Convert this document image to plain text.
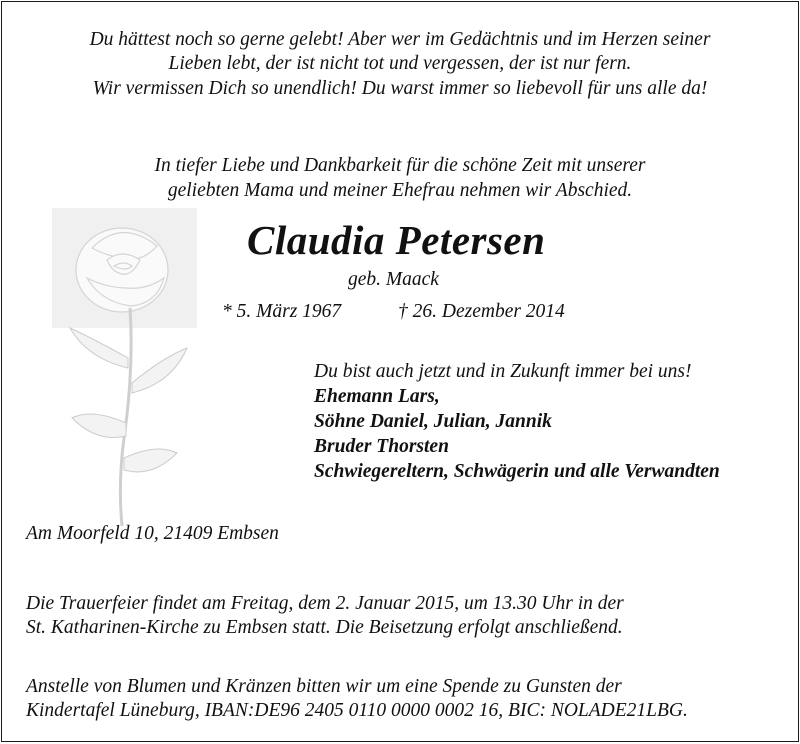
Du hättest noch so gerne gelebt! Aber wer im Gedächtnis und im Herzen seiner
Lieben lebt, der ist nicht tot und vergessen, der ist nur fern.
Wir vermissen Dich so unendlich! Du warst immer so liebevoll für uns alle da!
In tiefer Liebe und Dankbarkeit für die schöne Zeit mit unserer
geliebten Mama und meiner Ehefrau nehmen wir Abschied.
Claudia Petersen
geb. Maack
* 5. März 1967	† 26. Dezember 2014
Du bist auch jetzt und in Zukunft immer bei uns!
Ehemann Lars,
Söhne Daniel, Julian, Jannik
Bruder Thorsten
Schwiegereltern, Schwägerin und alle Verwandten
Am Moorfeld 10, 21409 Embsen
Die Trauerfeier findet am Freitag, dem 2. Januar 2015, um 13.30 Uhr in der
St. Katharinen-Kirche zu Embsen statt. Die Beisetzung erfolgt anschließend.
Anstelle von Blumen und Kränzen bitten wir um eine Spende zu Gunsten der
Kindertafel Lüneburg, IBAN:DE96 2405 0110 0000 0002 16, BIC: NOLADE21LBG.
